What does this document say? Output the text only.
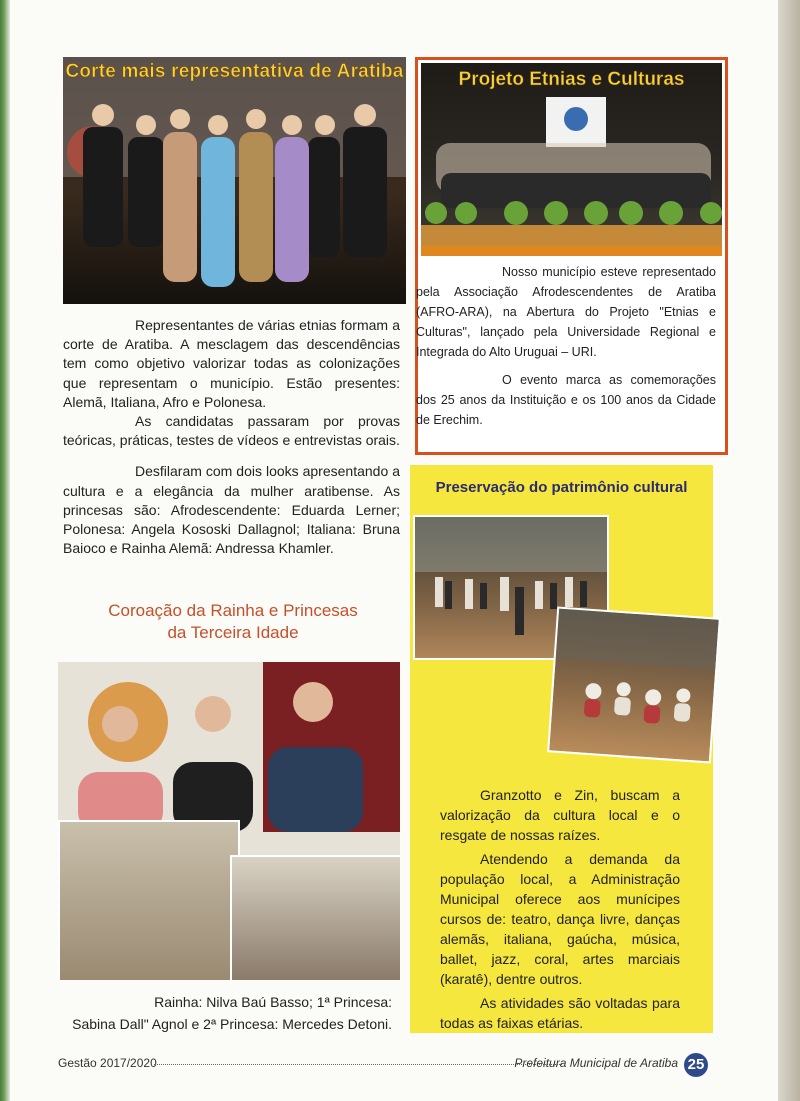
Corte mais representativa de Aratiba

Representantes de várias etnias formam a corte de Aratiba. A mesclagem das descendências tem como objetivo valorizar todas as colonizações que representam o município. Estão presentes: Alemã, Italiana, Afro e Polonesa.

As candidatas passaram por provas teóricas, práticas, testes de vídeos e entrevistas orais.

Desfilaram com dois looks apresentando a cultura e a elegância da mulher aratibense. As princesas são: Afrodescendente: Eduarda Lerner; Polonesa: Angela Kososki Dallagnol; Italiana: Bruna Baioco e Rainha Alemã: Andressa Khamler.

Coroação da Rainha e Princesas
da Terceira Idade
Rainha: Nilva Baú Basso; 1ª Princesa:
Sabina Dall" Agnol e 2ª Princesa: Mercedes Detoni.
Projeto Etnias e Culturas

Nosso município esteve representado pela Associação Afrodescendentes de Aratiba (AFRO-ARA), na Abertura do Projeto "Etnias e Culturas", lançado pela Universidade Regional e Integrada do Alto Uruguai – URI.

O evento marca as comemorações dos 25 anos da Instituição e os 100 anos da Cidade de Erechim.

Preservação do patrimônio cultural

Granzotto e Zin, buscam a valorização da cultura local e o resgate de nossas raízes.

Atendendo a demanda da população local, a Administração Municipal oferece aos munícipes cursos de: teatro, dança livre, danças alemãs, italiana, gaúcha, música, ballet, jazz, coral, artes marciais (karatê), dentre outros.

As atividades são voltadas para todas as faixas etárias.

Gestão 2017/2020	Prefeitura Municipal de Aratiba 25
